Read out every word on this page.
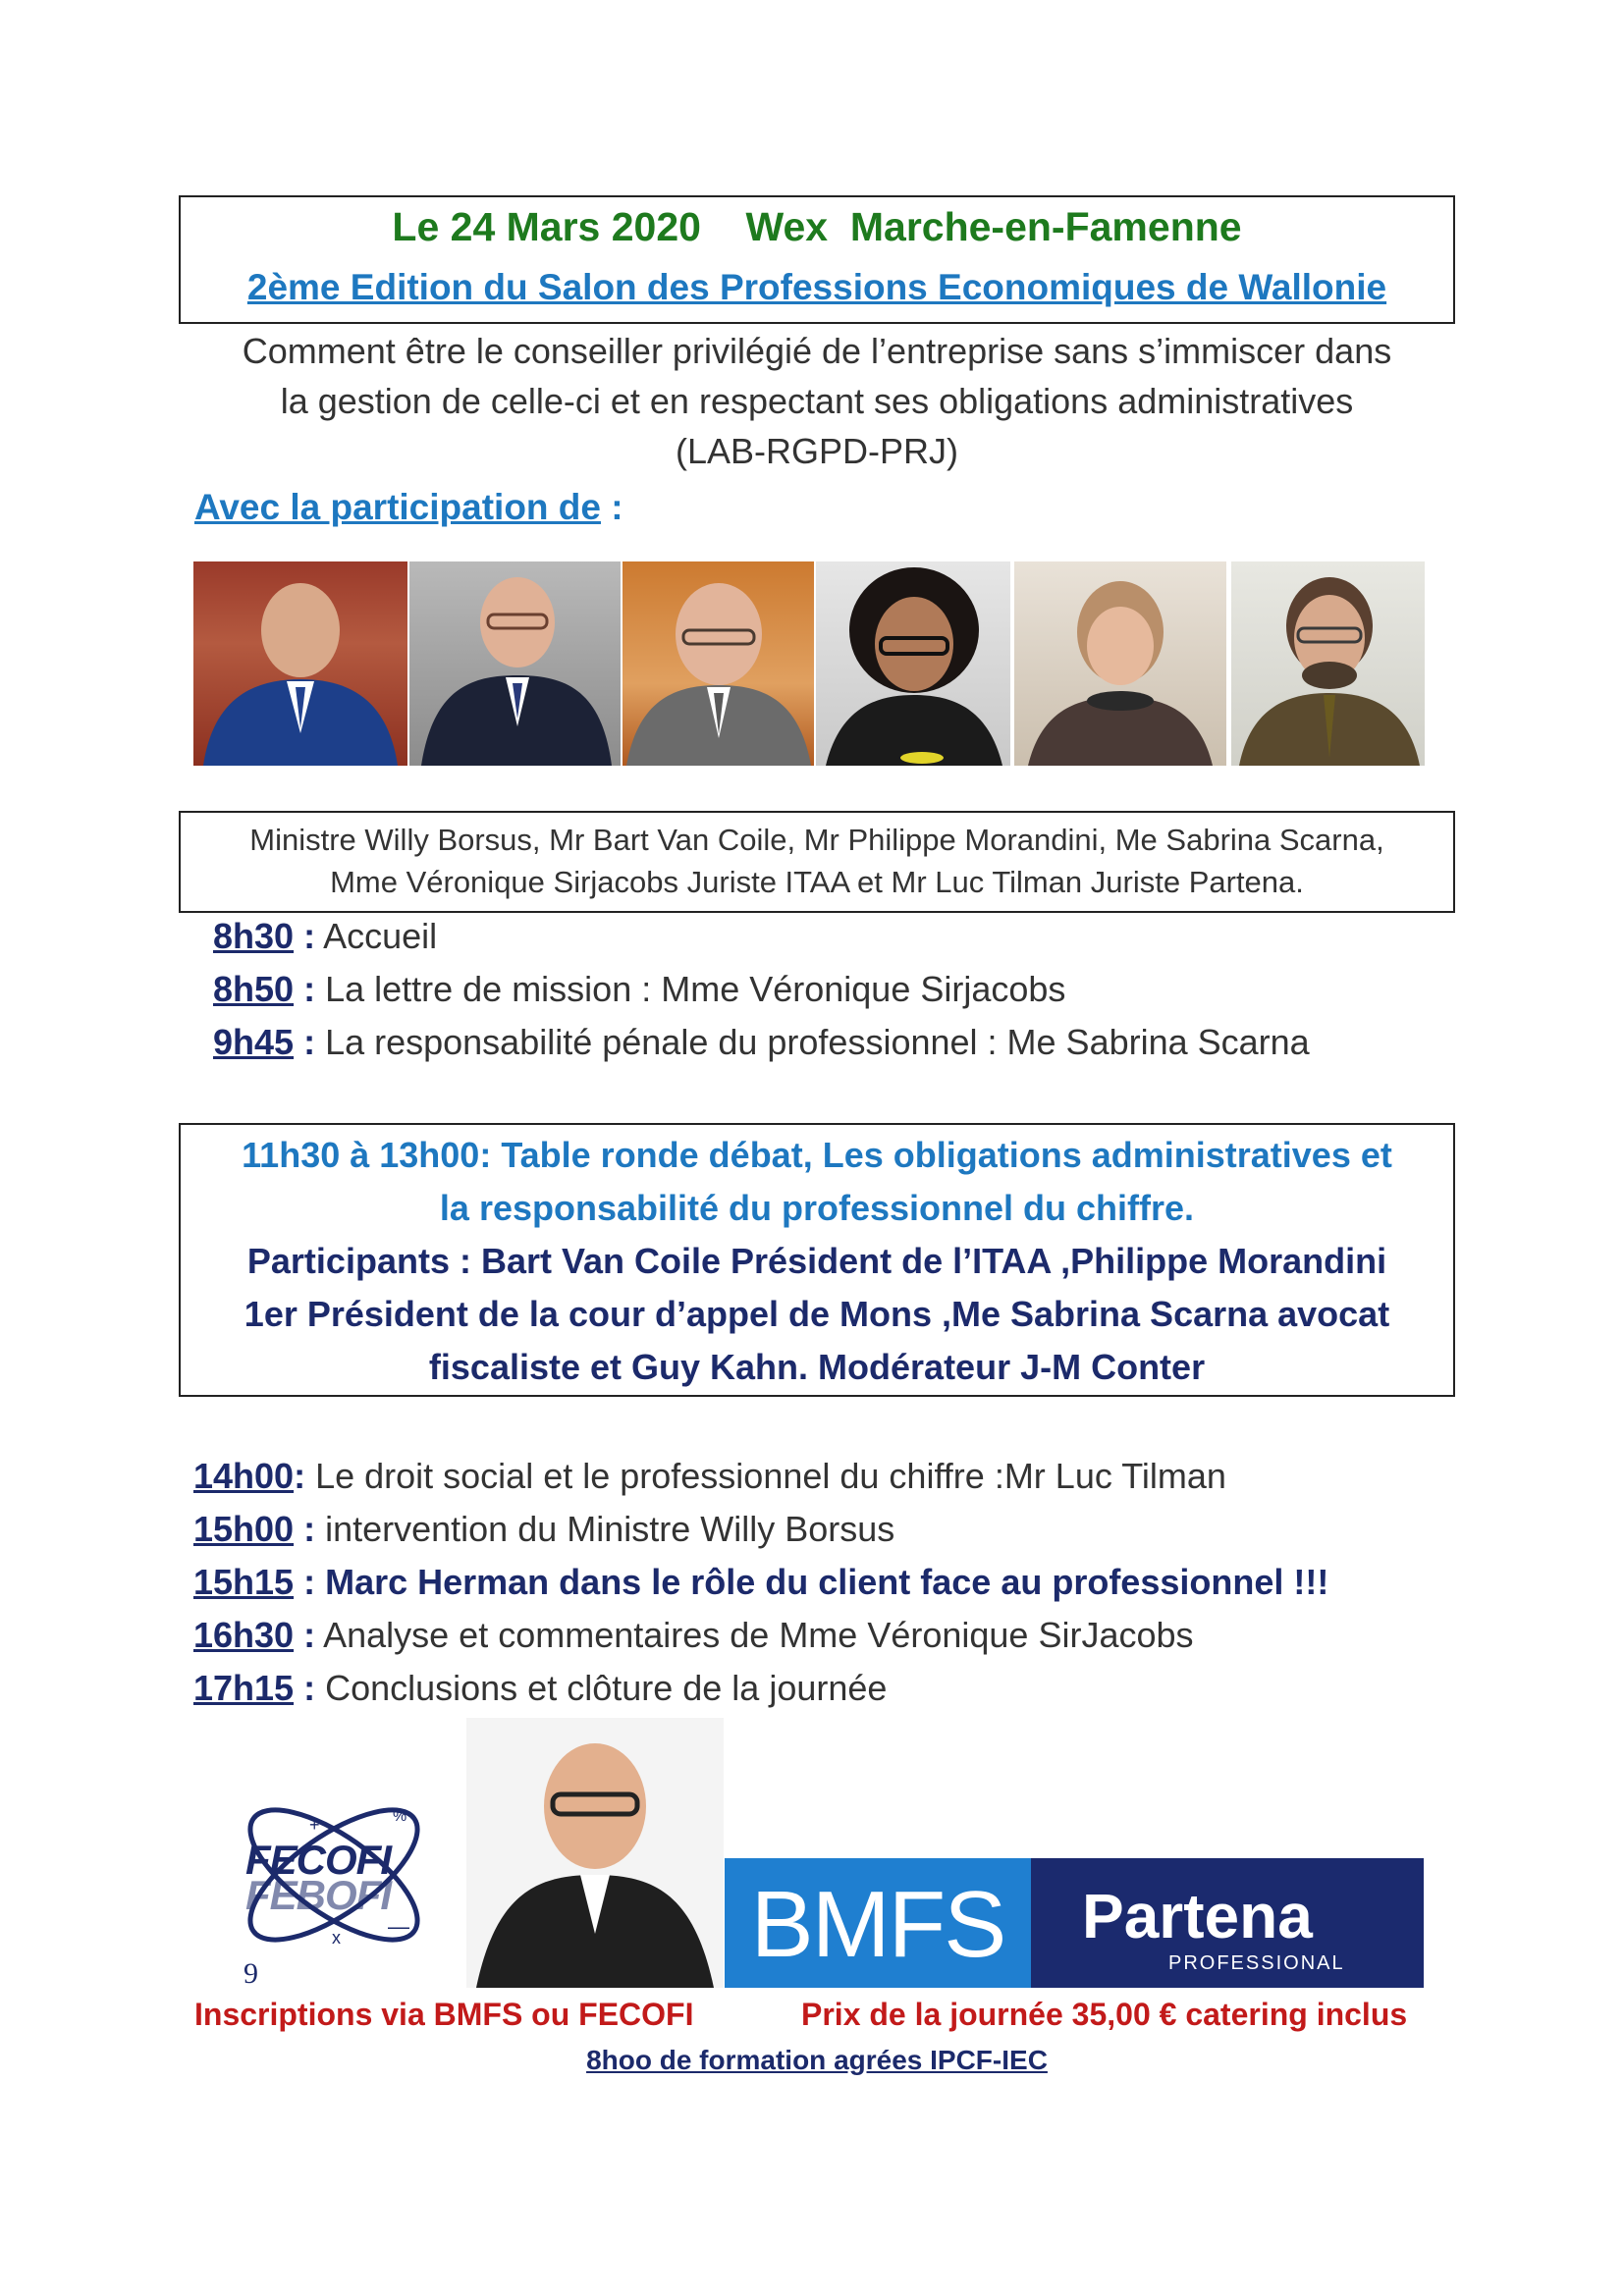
Le 24 Mars 2020 Wex  Marche-en-Famenne
2ème Edition du Salon des Professions Economiques de Wallonie
Comment être le conseiller privilégié de l’entreprise sans s’immiscer dans
la gestion de celle-ci et en respectant ses obligations administratives
(LAB-RGPD-PRJ)
Avec la participation de :
Ministre Willy Borsus, Mr Bart Van Coile, Mr Philippe Morandini, Me Sabrina Scarna,
Mme Véronique Sirjacobs Juriste ITAA et Mr Luc Tilman Juriste Partena.
8h30 : Accueil
8h50 : La lettre de mission : Mme Véronique Sirjacobs
9h45 : La responsabilité pénale du professionnel : Me Sabrina Scarna
11h30 à 13h00: Table ronde débat, Les obligations administratives et
la responsabilité du professionnel du chiffre.
Participants : Bart Van Coile Président de l’ITAA ,Philippe Morandini
1er Président de la cour d’appel de Mons ,Me Sabrina Scarna avocat
fiscaliste et Guy Kahn. Modérateur J-M Conter
14h00: Le droit social et le professionnel du chiffre :Mr Luc Tilman
15h00 : intervention du Ministre Willy Borsus
15h15 : Marc Herman dans le rôle du client face au professionnel !!!
16h30 : Analyse et commentaires de Mme Véronique SirJacobs
17h15 : Conclusions et clôture de la journée
9
+
—
%
x
FECOFI
FEBOFI	BMFS	Partena
PROFESSIONAL
Inscriptions via BMFS ou FECOFI	Prix de la journée 35,00 € catering inclus
8hoo de formation agrées IPCF-IEC
